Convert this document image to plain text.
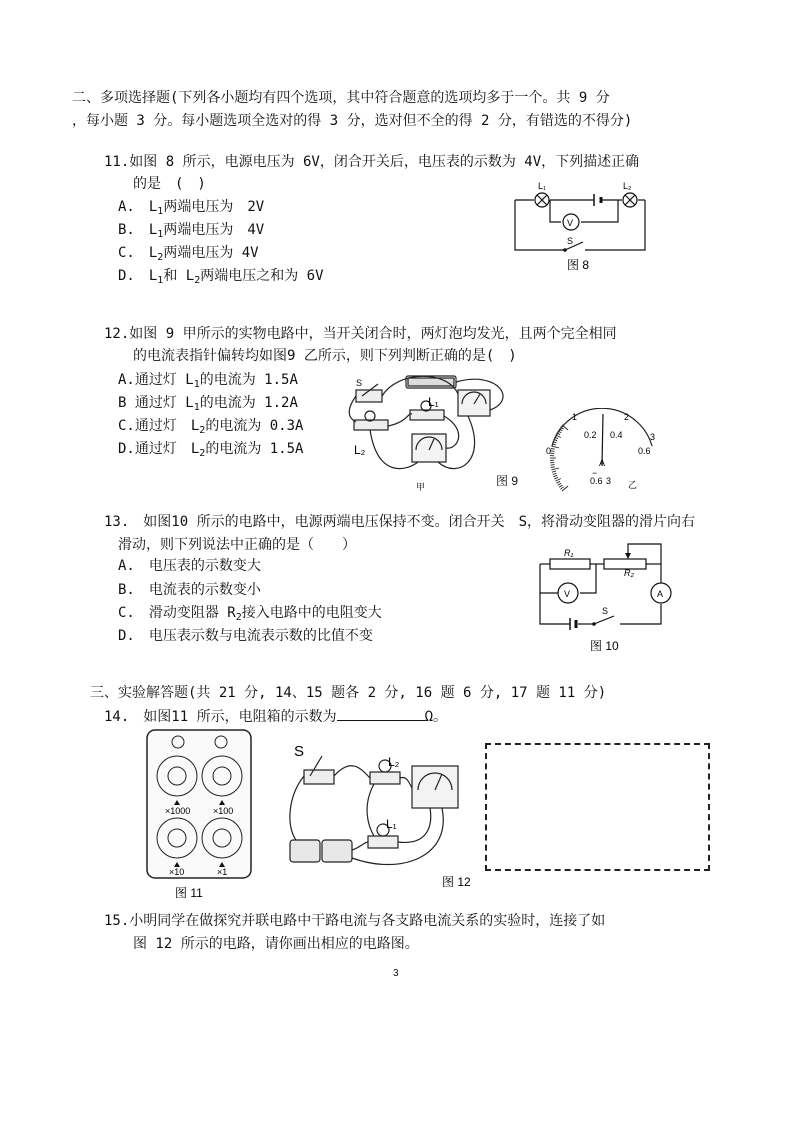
二、多项选择题(下列各小题均有四个选项，其中符合题意的选项均多于一个。共 9 分
，每小题 3 分。每小题选项全选对的得 3 分，选对但不全的得 2 分，有错选的不得分)
11.如图 8 所示，电源电压为 6V，闭合开关后，电压表的示数为 4V，下列描述正确
的是　(　)
A.　$L_1$两端电压为　2V
B.　$L_1$两端电压为　4V
C.　$L_2$两端电压为 4V
D.　$L_1$和 $L_2$两端电压之和为 6V
L₁	L₂
V
S
图 8
12.如图 9 甲所示的实物电路中，当开关闭合时，两灯泡均发光，且两个完全相同
的电流表指针偏转均如图9 乙所示，则下列判断正确的是(　)
A.通过灯 $L_1$的电流为 1.5A
B 通过灯 $L_1$的电流为 1.2A
C.通过灯　$L_2$的电流为 0.3A
D.通过灯　$L_2$的电流为 1.5A
S
L₁
L₂
甲	图 9
1	2
0.2 0.4
0
3
0.6
A
−
0.6 3 乙
13.　如图10 所示的电路中，电源两端电压保持不变。闭合开关　S，将滑动变阻器的滑片向右
滑动，则下列说法中正确的是（　　）
A.　电压表的示数变大
B.　电流表的示数变小
C.　滑动变阻器 $R_2$接入电路中的电阻变大
D.　电压表示数与电流表示数的比值不变
R₁
R₂
V	A
S
图 10
三、实验解答题(共 21 分, 14、15 题各 2 分, 16 题 6 分, 17 题 11 分)
14.　如图11 所示，电阻箱的示数为	Ω。
×1000	×100
×10	×1
图 11
S
L₂
L₁
图 12
15.小明同学在做探究并联电路中干路电流与各支路电流关系的实验时，连接了如
图 12 所示的电路，请你画出相应的电路图。
3
